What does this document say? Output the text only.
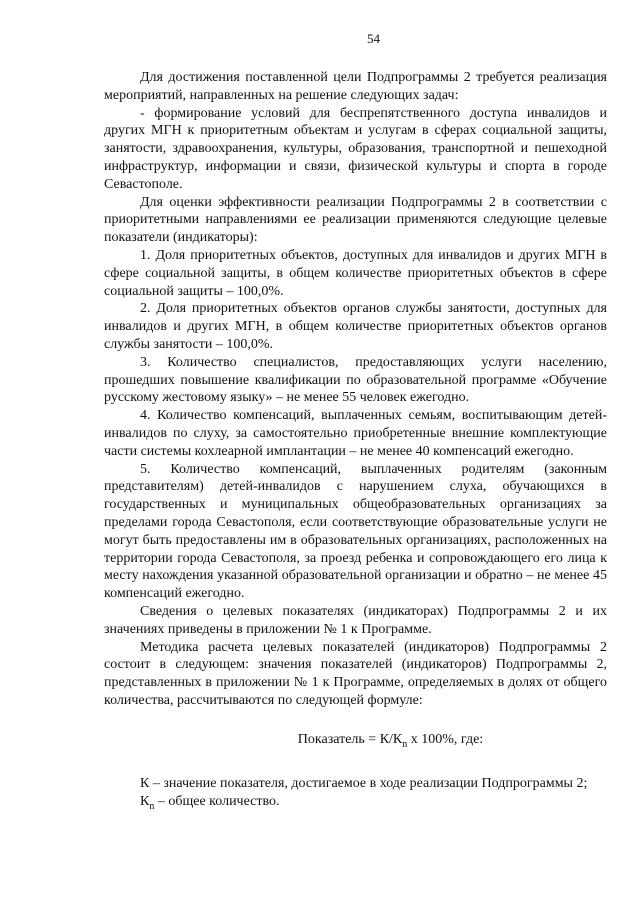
54

Для достижения поставленной цели Подпрограммы 2 требуется реализация мероприятий, направленных на решение следующих задач:

- формирование условий для беспрепятственного доступа инвалидов и других МГН к приоритетным объектам и услугам в сферах социальной защиты, занятости, здравоохранения, культуры, образования, транспортной и пешеходной инфраструктур, информации и связи, физической культуры и спорта в городе Севастополе.

Для оценки эффективности реализации Подпрограммы 2 в соответствии с приоритетными направлениями ее реализации применяются следующие целевые показатели (индикаторы):

1. Доля приоритетных объектов, доступных для инвалидов и других МГН в сфере социальной защиты, в общем количестве приоритетных объектов в сфере социальной защиты – 100,0%.

2. Доля приоритетных объектов органов службы занятости, доступных для инвалидов и других МГН, в общем количестве приоритетных объектов органов службы занятости – 100,0%.

3. Количество специалистов, предоставляющих услуги населению, прошедших повышение квалификации по образовательной программе «Обучение русскому жестовому языку» – не менее 55 человек ежегодно.

4. Количество компенсаций, выплаченных семьям, воспитывающим детей-инвалидов по слуху, за самостоятельно приобретенные внешние комплектующие части системы кохлеарной имплантации – не менее 40 компенсаций ежегодно.

5. Количество компенсаций, выплаченных родителям (законным представителям) детей-инвалидов с нарушением слуха, обучающихся в государственных и муниципальных общеобразовательных организациях за пределами города Севастополя, если соответствующие образовательные услуги не могут быть предоставлены им в образовательных организациях, расположенных на территории города Севастополя, за проезд ребенка и сопровождающего его лица к месту нахождения указанной образовательной организации и обратно – не менее 45 компенсаций ежегодно.

Сведения о целевых показателях (индикаторах) Подпрограммы 2 и их значениях приведены в приложении № 1 к Программе.

Методика расчета целевых показателей (индикаторов) Подпрограммы 2 состоит в следующем: значения показателей (индикаторов) Подпрограммы 2, представленных в приложении № 1 к Программе, определяемых в долях от общего количества, рассчитываются по следующей формуле:

Показатель = $К/К_n$ х 100%, где:

К – значение показателя, достигаемое в ходе реализации Подпрограммы 2;

$К_n$ – общее количество.
